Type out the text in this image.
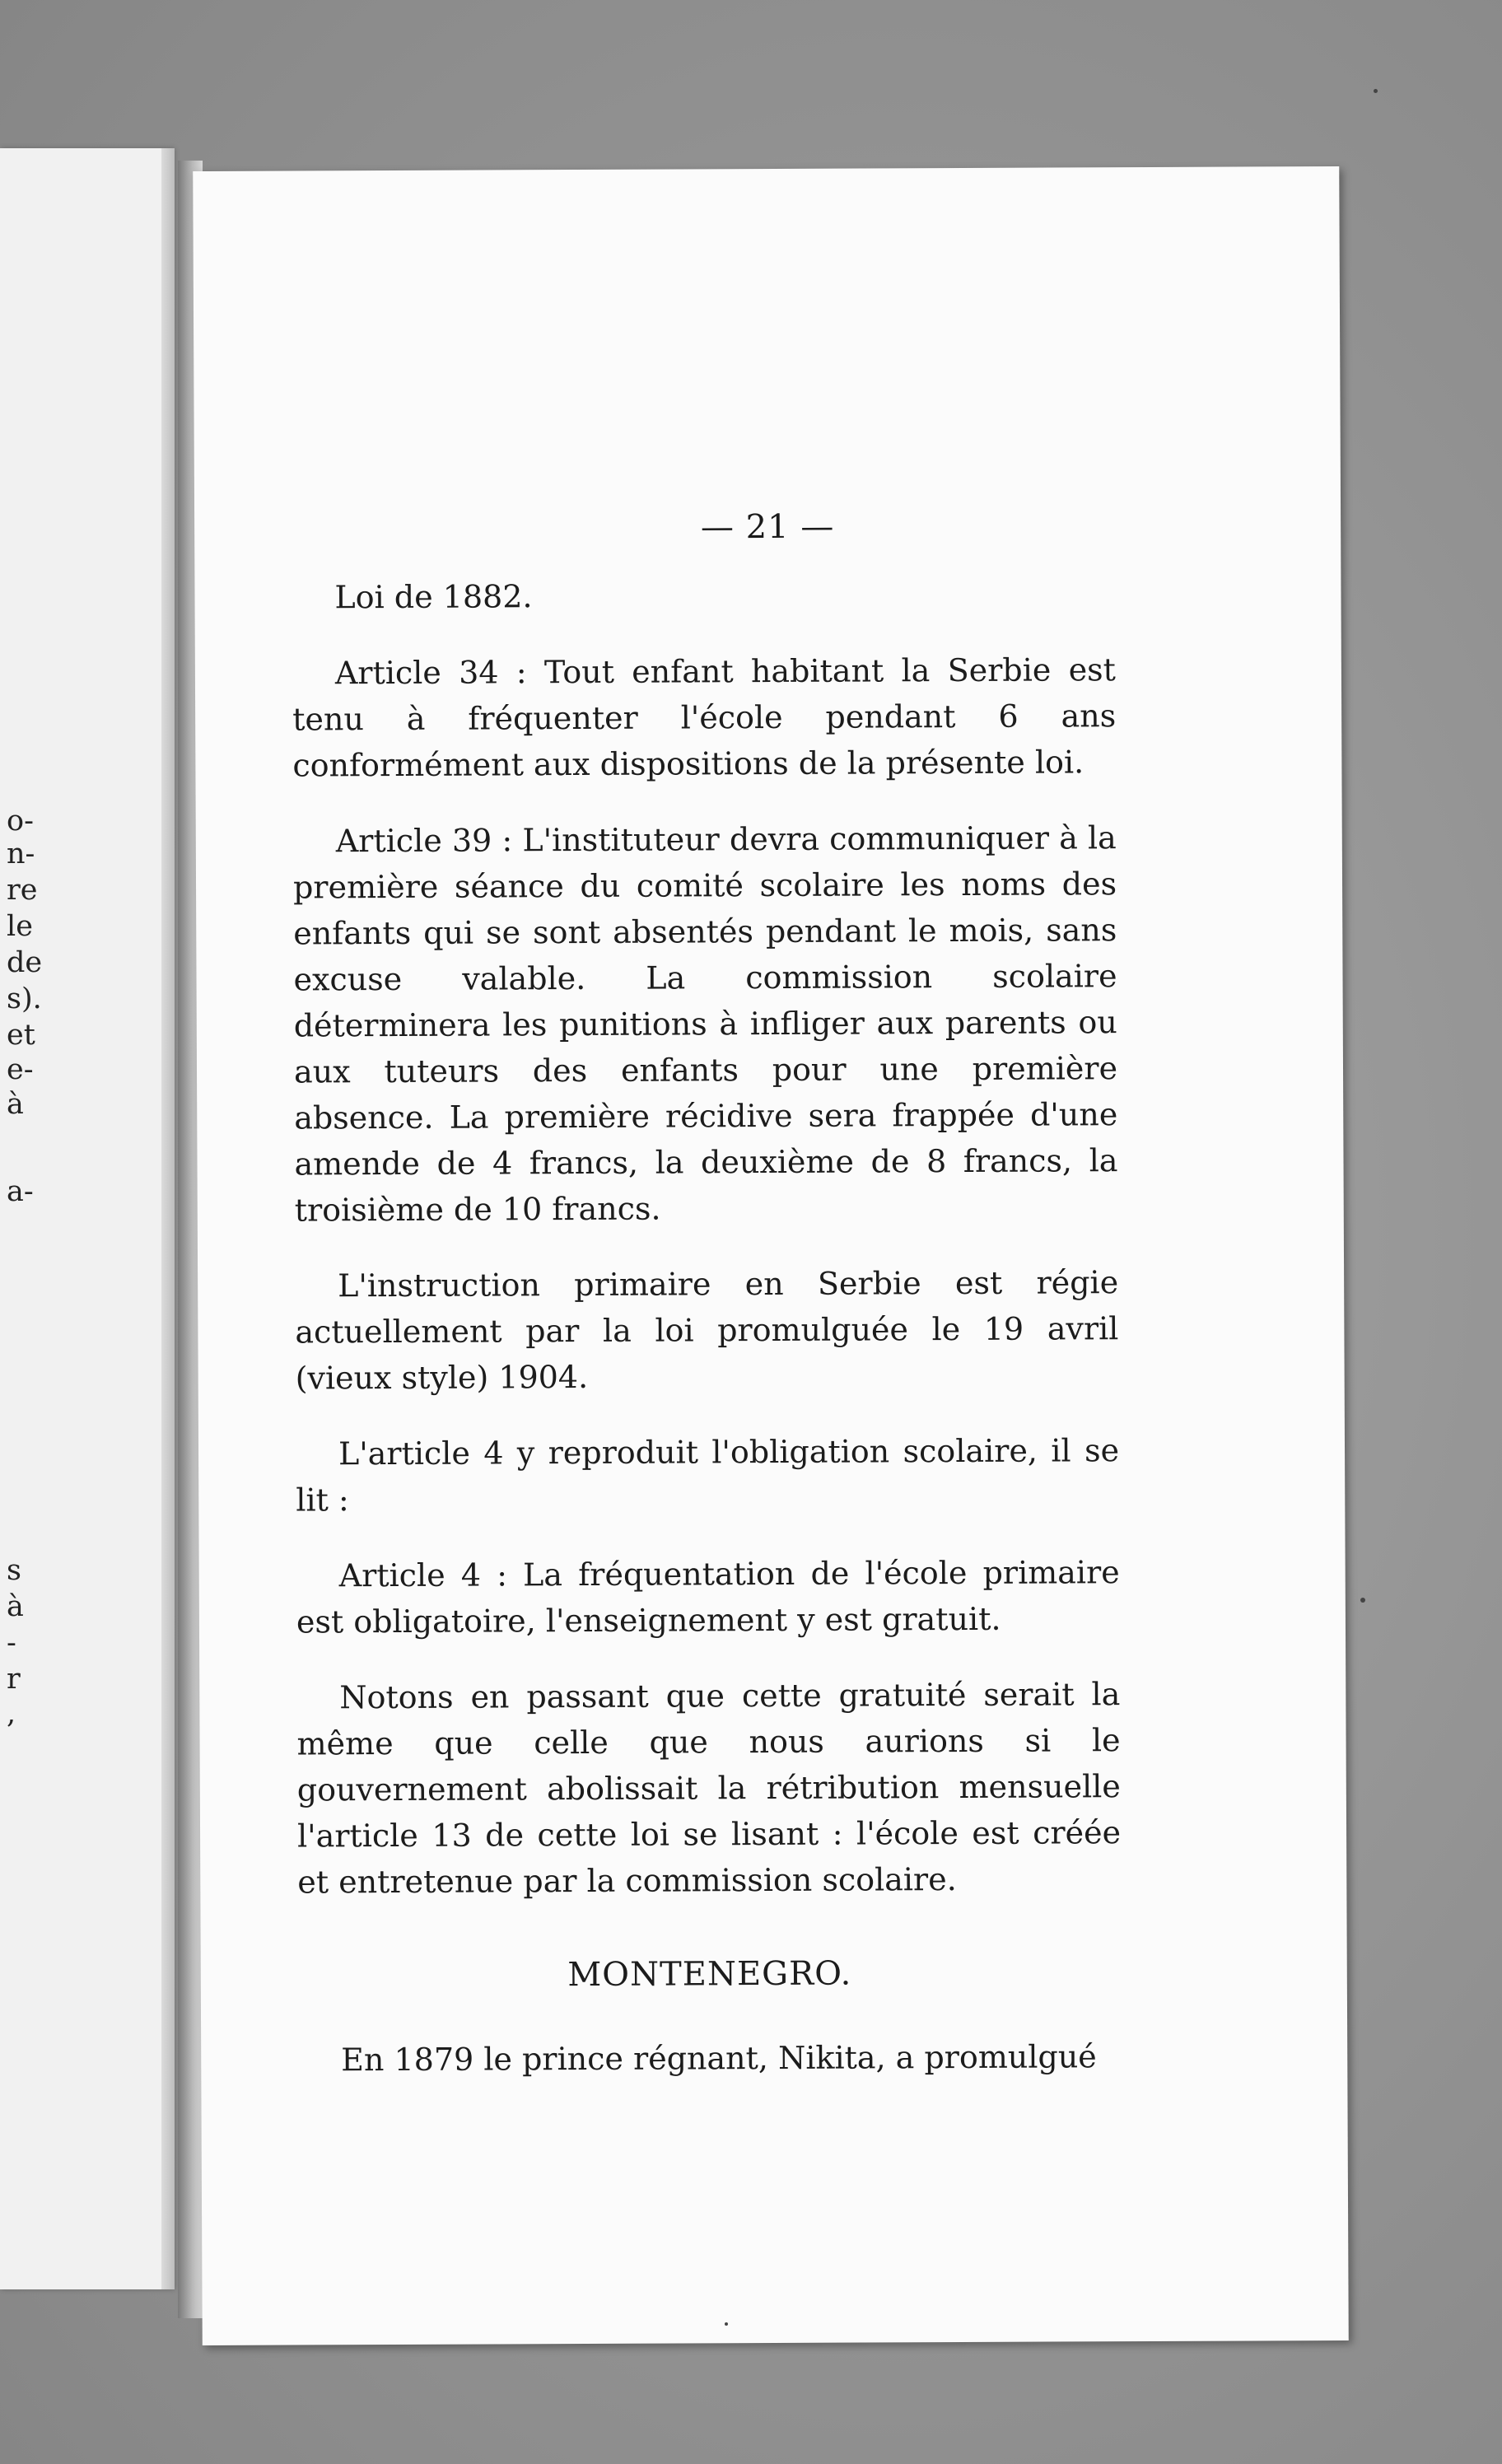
o-
n-
re
le
de
s).
et
e-
à
a-
s
à
-
r
,
— 21 —

Loi de 1882.

Article 34 : Tout enfant habitant la Serbie est tenu à fréquenter l'école pendant 6 ans conformément aux dispositions de la présente loi.

Article 39 : L'instituteur devra communiquer à la première séance du comité scolaire les noms des enfants qui se sont absentés pendant le mois, sans excuse valable. La commission scolaire déterminera les punitions à infliger aux parents ou aux tuteurs des enfants pour une première absence. La première récidive sera frappée d'une amende de 4 francs, la deuxième de 8 francs, la troisième de 10 francs.

L'instruction primaire en Serbie est régie actuellement par la loi promulguée le 19 avril (vieux style) 1904.

L'article 4 y reproduit l'obligation scolaire, il se lit :

Article 4 : La fréquentation de l'école primaire est obligatoire, l'enseignement y est gratuit.

Notons en passant que cette gratuité serait la même que celle que nous aurions si le gouvernement abolissait la rétribution mensuelle l'article 13 de cette loi se lisant : l'école est créée et entretenue par la commission scolaire.

MONTENEGRO.

En 1879 le prince régnant, Nikita, a promulgué
